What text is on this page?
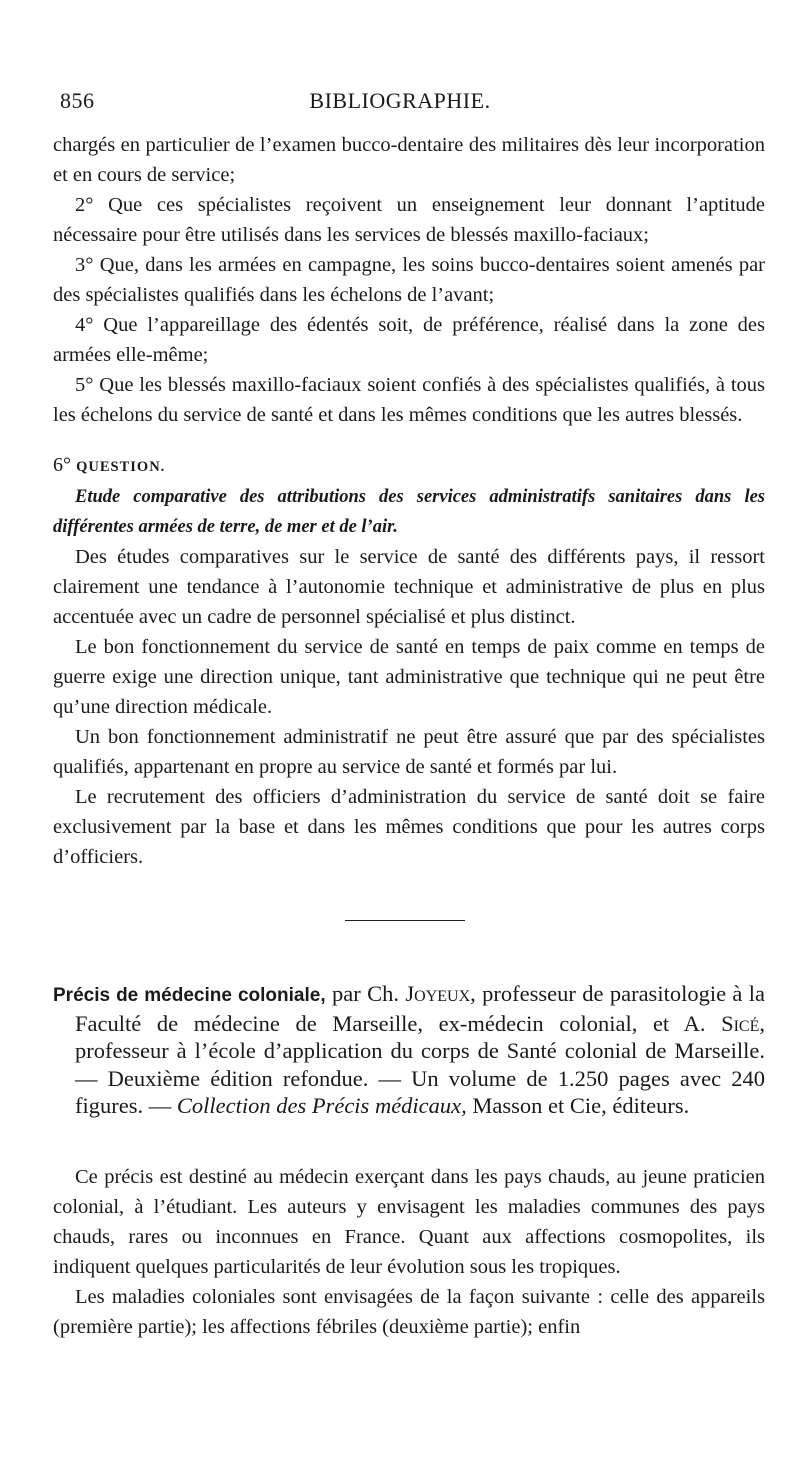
856	BIBLIOGRAPHIE.

chargés en particulier de l’examen bucco-dentaire des militaires dès leur incorporation et en cours de service;

2° Que ces spécialistes reçoivent un enseignement leur donnant l’aptitude nécessaire pour être utilisés dans les services de blessés maxillo-faciaux;

3° Que, dans les armées en campagne, les soins bucco-dentaires soient amenés par des spécialistes qualifiés dans les échelons de l’avant;

4° Que l’appareillage des édentés soit, de préférence, réalisé dans la zone des armées elle-même;

5° Que les blessés maxillo-faciaux soient confiés à des spécialistes qualifiés, à tous les échelons du service de santé et dans les mêmes conditions que les autres blessés.

6° QUESTION.

Etude comparative des attributions des services administratifs sanitaires dans les différentes armées de terre, de mer et de l’air.

Des études comparatives sur le service de santé des différents pays, il ressort clairement une tendance à l’autonomie technique et administrative de plus en plus accentuée avec un cadre de personnel spécialisé et plus distinct.

Le bon fonctionnement du service de santé en temps de paix comme en temps de guerre exige une direction unique, tant administrative que technique qui ne peut être qu’une direction médicale.

Un bon fonctionnement administratif ne peut être assuré que par des spécialistes qualifiés, appartenant en propre au service de santé et formés par lui.

Le recrutement des officiers d’administration du service de santé doit se faire exclusivement par la base et dans les mêmes conditions que pour les autres corps d’officiers.

Précis de médecine coloniale, par Ch. Joyeux, professeur de parasitologie à la Faculté de médecine de Marseille, ex-médecin colonial, et A. Sicé, professeur à l’école d’application du corps de Santé colonial de Marseille. — Deuxième édition refondue. — Un volume de 1.250 pages avec 240 figures. — Collection des Précis médicaux, Masson et Cie, éditeurs.

Ce précis est destiné au médecin exerçant dans les pays chauds, au jeune praticien colonial, à l’étudiant. Les auteurs y envisagent les maladies communes des pays chauds, rares ou inconnues en France. Quant aux affections cosmopolites, ils indiquent quelques particularités de leur évolution sous les tropiques.

Les maladies coloniales sont envisagées de la façon suivante : celle des appareils (première partie); les affections fébriles (deuxième partie); enfin
